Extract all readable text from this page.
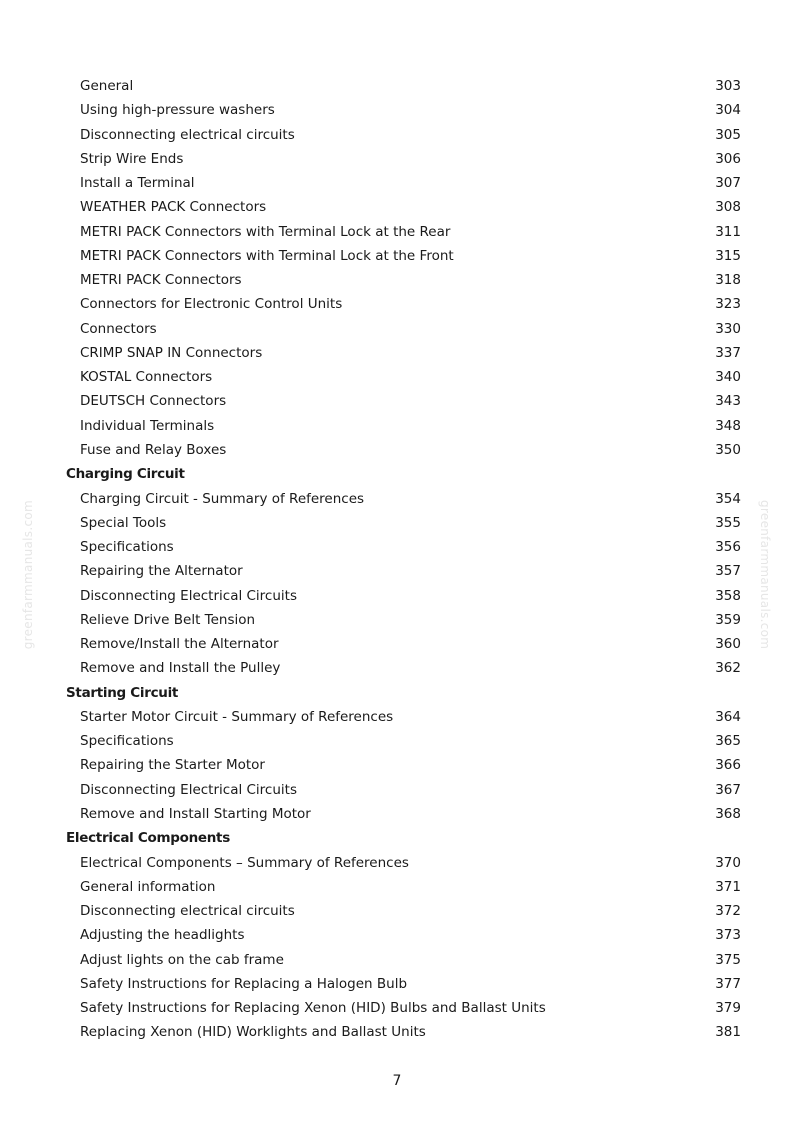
greenfarmmanuals.com	greenfarmmanuals.com
General	303
Using high-pressure washers	304
Disconnecting electrical circuits	305
Strip Wire Ends	306
Install a Terminal	307
WEATHER PACK Connectors	308
METRI PACK Connectors with Terminal Lock at the Rear	311
METRI PACK Connectors with Terminal Lock at the Front	315
METRI PACK Connectors	318
Connectors for Electronic Control Units	323
Connectors	330
CRIMP SNAP IN Connectors	337
KOSTAL Connectors	340
DEUTSCH Connectors	343
Individual Terminals	348
Fuse and Relay Boxes	350
Charging Circuit
Charging Circuit - Summary of References	354
Special Tools	355
Specifications	356
Repairing the Alternator	357
Disconnecting Electrical Circuits	358
Relieve Drive Belt Tension	359
Remove/Install the Alternator	360
Remove and Install the Pulley	362
Starting Circuit
Starter Motor Circuit - Summary of References	364
Specifications	365
Repairing the Starter Motor	366
Disconnecting Electrical Circuits	367
Remove and Install Starting Motor	368
Electrical Components
Electrical Components – Summary of References	370
General information	371
Disconnecting electrical circuits	372
Adjusting the headlights	373
Adjust lights on the cab frame	375
Safety Instructions for Replacing a Halogen Bulb	377
Safety Instructions for Replacing Xenon (HID) Bulbs and Ballast Units	379
Replacing Xenon (HID) Worklights and Ballast Units	381
7
